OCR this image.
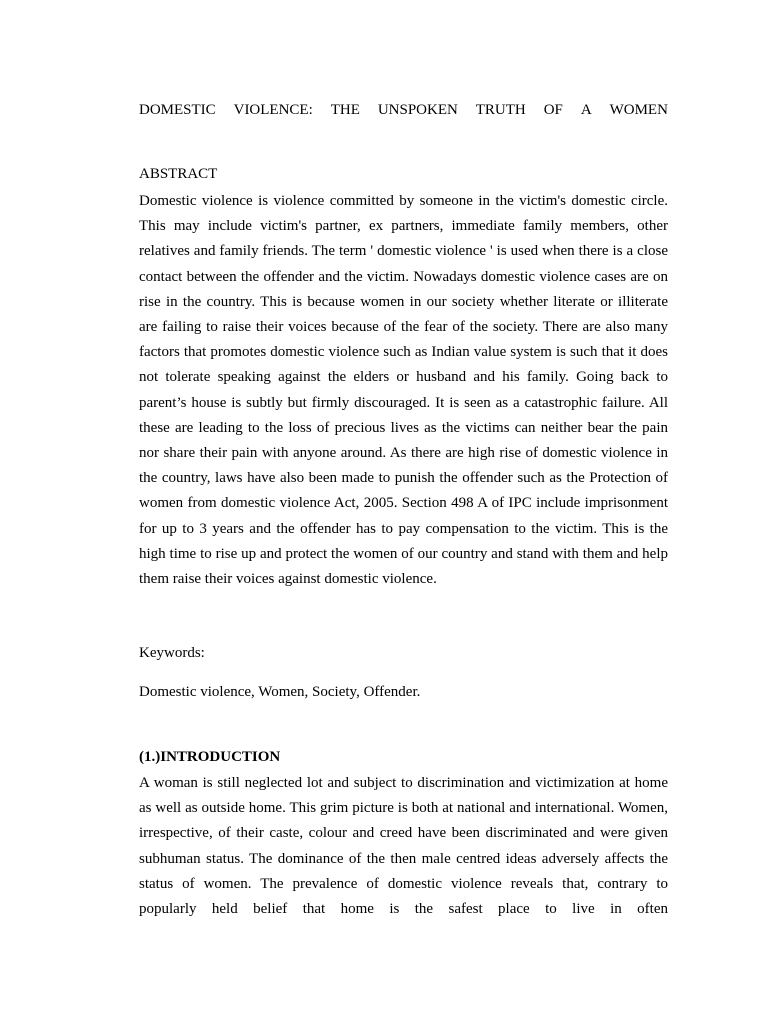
DOMESTIC VIOLENCE: THE UNSPOKEN TRUTH OF A WOMEN
ABSTRACT

Domestic violence is violence committed by someone in the victim's domestic circle. This may include victim's partner, ex partners, immediate family members, other relatives and family friends. The term ' domestic violence ' is used when there is a close contact between the offender and the victim. Nowadays domestic violence cases are on rise in the country. This is because women in our society whether literate or illiterate are failing to raise their voices because of the fear of the society. There are also many factors that promotes domestic violence such as Indian value system is such that it does not tolerate speaking against the elders or husband and his family. Going back to parent’s house is subtly but firmly discouraged. It is seen as a catastrophic failure. All these are leading to the loss of precious lives as the victims can neither bear the pain nor share their pain with anyone around. As there are high rise of domestic violence in the country, laws have also been made to punish the offender such as the Protection of women from domestic violence Act, 2005. Section 498 A of IPC include imprisonment for up to 3 years and the offender has to pay compensation to the victim. This is the high time to rise up and protect the women of our country and stand with them and help them raise their voices against domestic violence.

Keywords:
Domestic violence, Women, Society, Offender.
(1.)INTRODUCTION

A woman is still neglected lot and subject to discrimination and victimization at home as well as outside home. This grim picture is both at national and international. Women, irrespective, of their caste, colour and creed have been discriminated and were given subhuman status. The dominance of the then male centred ideas adversely affects the status of women. The prevalence of domestic violence reveals that, contrary to popularly held belief that home is the safest place to live in often
